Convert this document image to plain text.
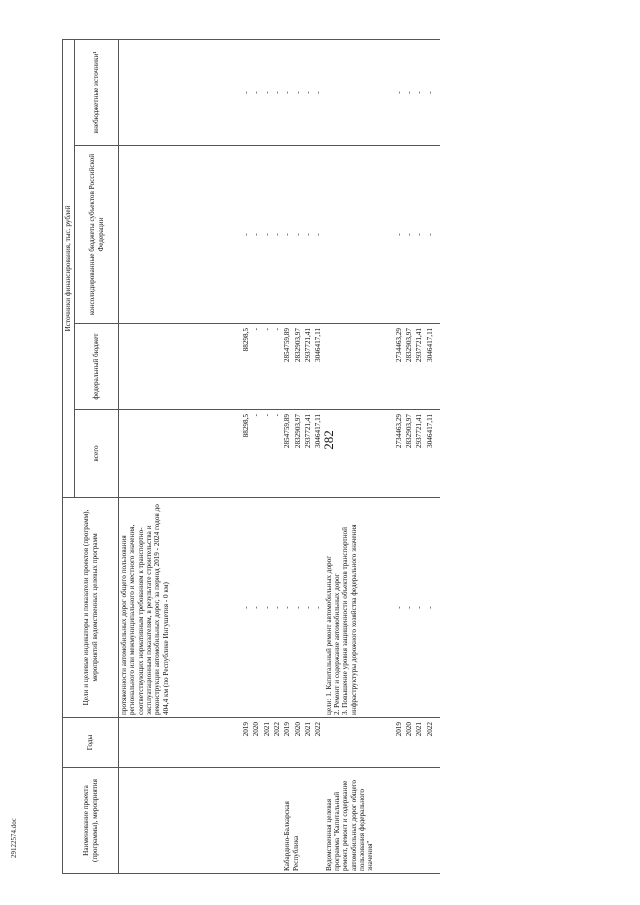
282
29122574.doc	Наименование проекта (программы), мероприятия	Годы	Цели и целевые индикаторы и показатели проектов (программ), мероприятий ведомственных целевых программ	Источники финансирования, тыс. рублей			
			всего	федеральный бюджет	консолидированные бюджеты субъектов Российской Федерации	внебюджетные источники¹
		протяженности автомобильных дорог общего пользования регионального или межмуниципального и местного значения, соответствующих нормативным требованиям к транспортно-эксплуатационным показателям, в результате строительства и реконструкции автомобильных дорог, за период 2019 - 2024 годов до 404,4 км (по Республике Ингушетия - 0 км)				
	2019	-	88298,5	88298,5	-	-
	2020	-	-	-	-	-
	2021	-	-	-	-	-
	2022	-	-	-	-	-
Кабардино-Балкарская Республика	2019	-	2854759,89	2854759,89	-	-
	2020	-	2832903,97	2832903,97	-	-
	2021	-	2937721,41	2937721,41	-	-
	2022	-	3046417,11	3046417,11	-	-
Ведомственная целевая программа "Капитальный ремонт, ремонт и содержание автомобильных дорог общего пользования федерального значения"		цели: 1. Капитальный ремонт автомобильных дорог
2. Ремонт и содержание автомобильных дорог
3. Повышение уровня защищенности объектов транспортной инфраструктуры дорожного хозяйства федерального значения				
	2019	-	2734463,29	2734463,29	-	-
	2020	-	2832903,97	2832903,97	-	-
	2021	-	2937721,41	2937721,41	-	-
	2022	-	3046417,11	3046417,11	-	-
